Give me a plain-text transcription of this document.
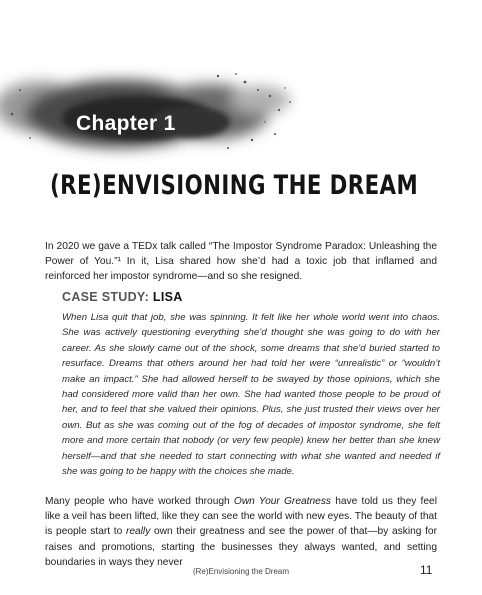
Chapter 1
(RE)ENVISIONING THE DREAM

In 2020 we gave a TEDx talk called “The Impostor Syndrome Paradox: Unleashing the Power of You.”¹ In it, Lisa shared how she’d had a toxic job that inflamed and reinforced her impostor syndrome—and so she resigned.

CASE STUDY: LISA

When Lisa quit that job, she was spinning. It felt like her whole world went into chaos. She was actively questioning everything she’d thought she was going to do with her career. As she slowly came out of the shock, some dreams that she’d buried started to resurface. Dreams that others around her had told her were “unrealistic” or “wouldn’t make an impact.” She had allowed herself to be swayed by those opinions, which she had considered more valid than her own. She had wanted those people to be proud of her, and to feel that she valued their opinions. Plus, she just trusted their views over her own. But as she was coming out of the fog of decades of impostor syndrome, she felt more and more certain that nobody (or very few people) knew her better than she knew herself—and that she needed to start connecting with what she wanted and needed if she was going to be happy with the choices she made.

Many people who have worked through Own Your Greatness have told us they feel like a veil has been lifted, like they can see the world with new eyes. The beauty of that is people start to really own their greatness and see the power of that—by asking for raises and promotions, starting the businesses they always wanted, and setting boundaries in ways they never

(Re)Envisioning the Dream	11
